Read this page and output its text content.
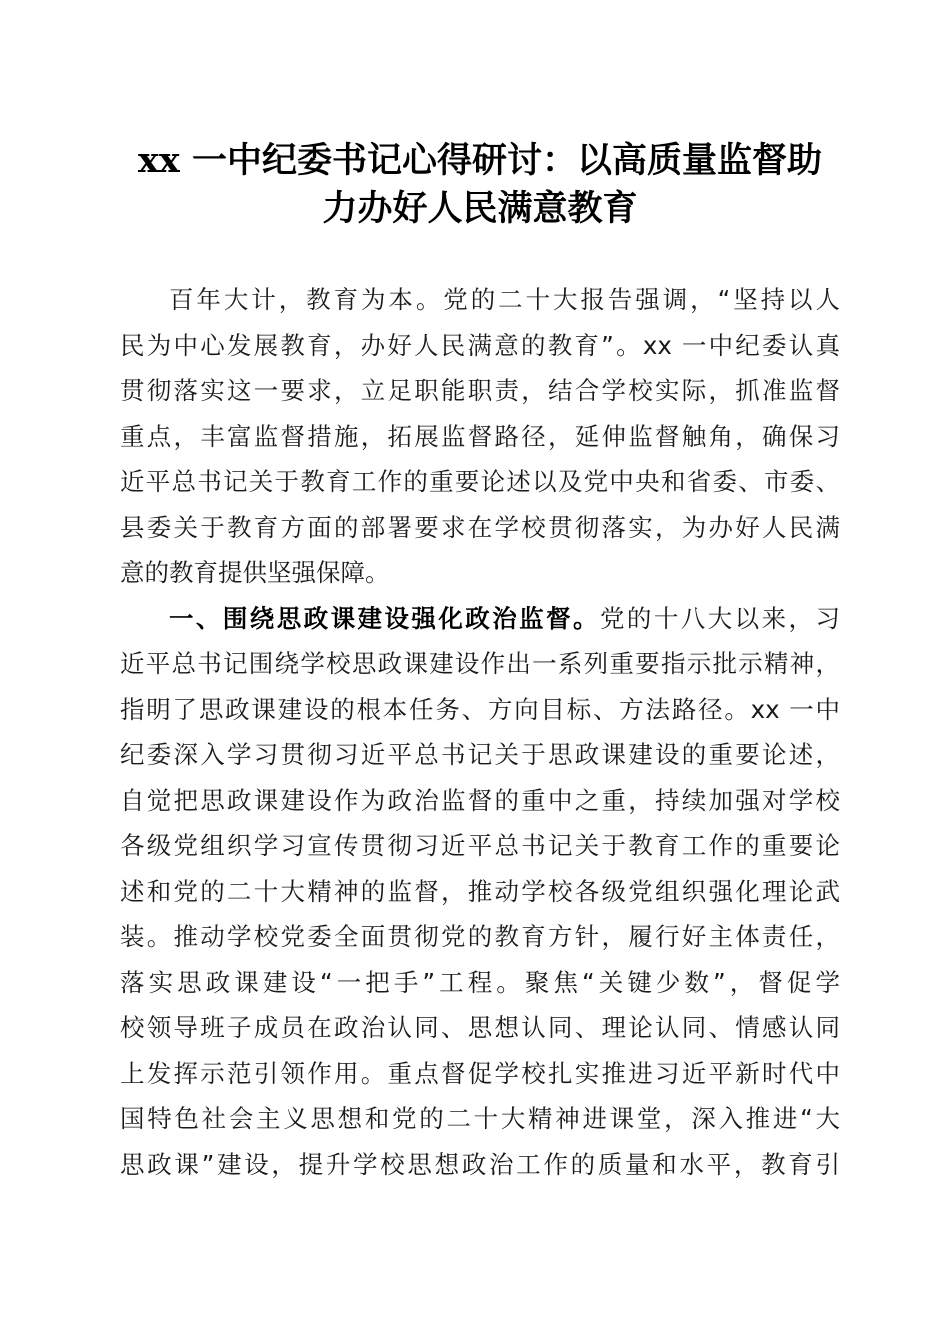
xx 一中纪委书记心得研讨：以高质量监督助
力办好人民满意教育
百年大计，教育为本。党的二十大报告强调，“坚持以人
民为中心发展教育，办好人民满意的教育”。xx 一中纪委认真
贯彻落实这一要求，立足职能职责，结合学校实际，抓准监督
重点，丰富监督措施，拓展监督路径，延伸监督触角，确保习
近平总书记关于教育工作的重要论述以及党中央和省委、市委、
县委关于教育方面的部署要求在学校贯彻落实，为办好人民满
意的教育提供坚强保障。
一、围绕思政课建设强化政治监督。党的十八大以来，习
近平总书记围绕学校思政课建设作出一系列重要指示批示精神，
指明了思政课建设的根本任务、方向目标、方法路径。xx 一中
纪委深入学习贯彻习近平总书记关于思政课建设的重要论述，
自觉把思政课建设作为政治监督的重中之重，持续加强对学校
各级党组织学习宣传贯彻习近平总书记关于教育工作的重要论
述和党的二十大精神的监督，推动学校各级党组织强化理论武
装。推动学校党委全面贯彻党的教育方针，履行好主体责任，
落实思政课建设“一把手”工程。聚焦“关键少数”，督促学
校领导班子成员在政治认同、思想认同、理论认同、情感认同
上发挥示范引领作用。重点督促学校扎实推进习近平新时代中
国特色社会主义思想和党的二十大精神进课堂，深入推进“大
思政课”建设，提升学校思想政治工作的质量和水平，教育引
